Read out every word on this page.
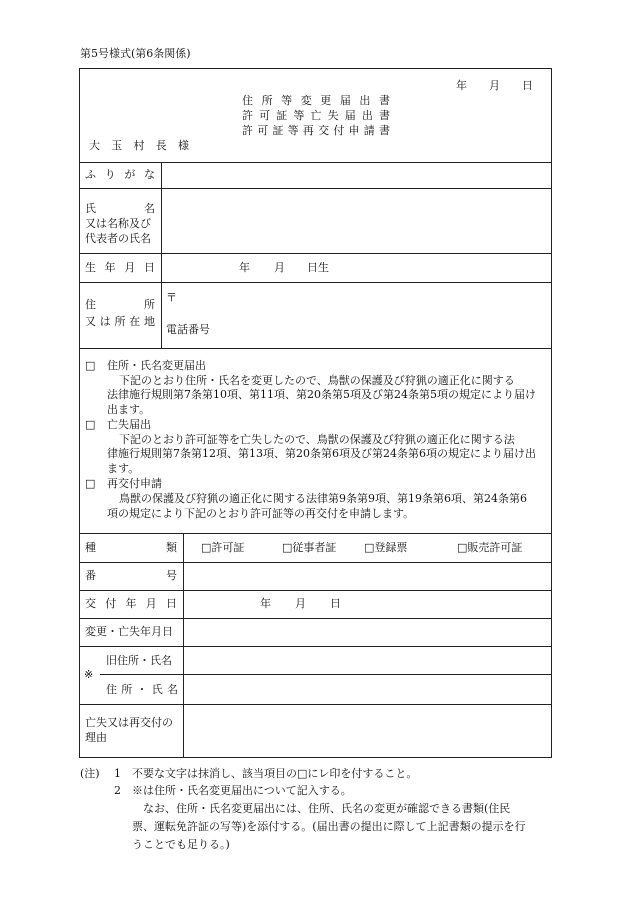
第5号様式(第6条関係)
年 月 日
住 所 等 変 更 届 出 書
許 可 証 等 亡 失 届 出 書
許 可 証 等 再 交 付 申 請 書
大 玉 村 長 様
ふ り が な
氏	名
又は名称及び
代表者の氏名
生 年 月 日	年 月 日生
住	所
又 は 所 在 地
〒
電話番号
□ 住所・氏名変更届出
下記のとおり住所・氏名を変更したので、鳥獣の保護及び狩猟の適正化に関する
法律施行規則第7条第10項、第11項、第20条第5項及び第24条第5項の規定により届け
出ます。
□ 亡失届出
下記のとおり許可証等を亡失したので、鳥獣の保護及び狩猟の適正化に関する法
律施行規則第7条第12項、第13項、第20条第6項及び第24条第6項の規定により届け出
ます。
□ 再交付申請
鳥獣の保護及び狩猟の適正化に関する法律第9条第9項、第19条第6項、第24条第6
項の規定により下記のとおり許可証等の再交付を申請します。
種	類 □許可証	□従事者証	□登録票	□販売許可証
番	号
交 付 年 月 日	年 月 日
変更・亡失年月日
※
旧住所・氏名
住 所 ・ 氏 名
亡失又は再交付の
理由
(注) 1 不要な文字は抹消し、該当項目の□にレ印を付すること。
2 ※は住所・氏名変更届出について記入する。
なお、住所・氏名変更届出には、住所、氏名の変更が確認できる書類(住民
票、運転免許証の写等)を添付する。(届出書の提出に際して上記書類の提示を行
うことでも足りる。)
